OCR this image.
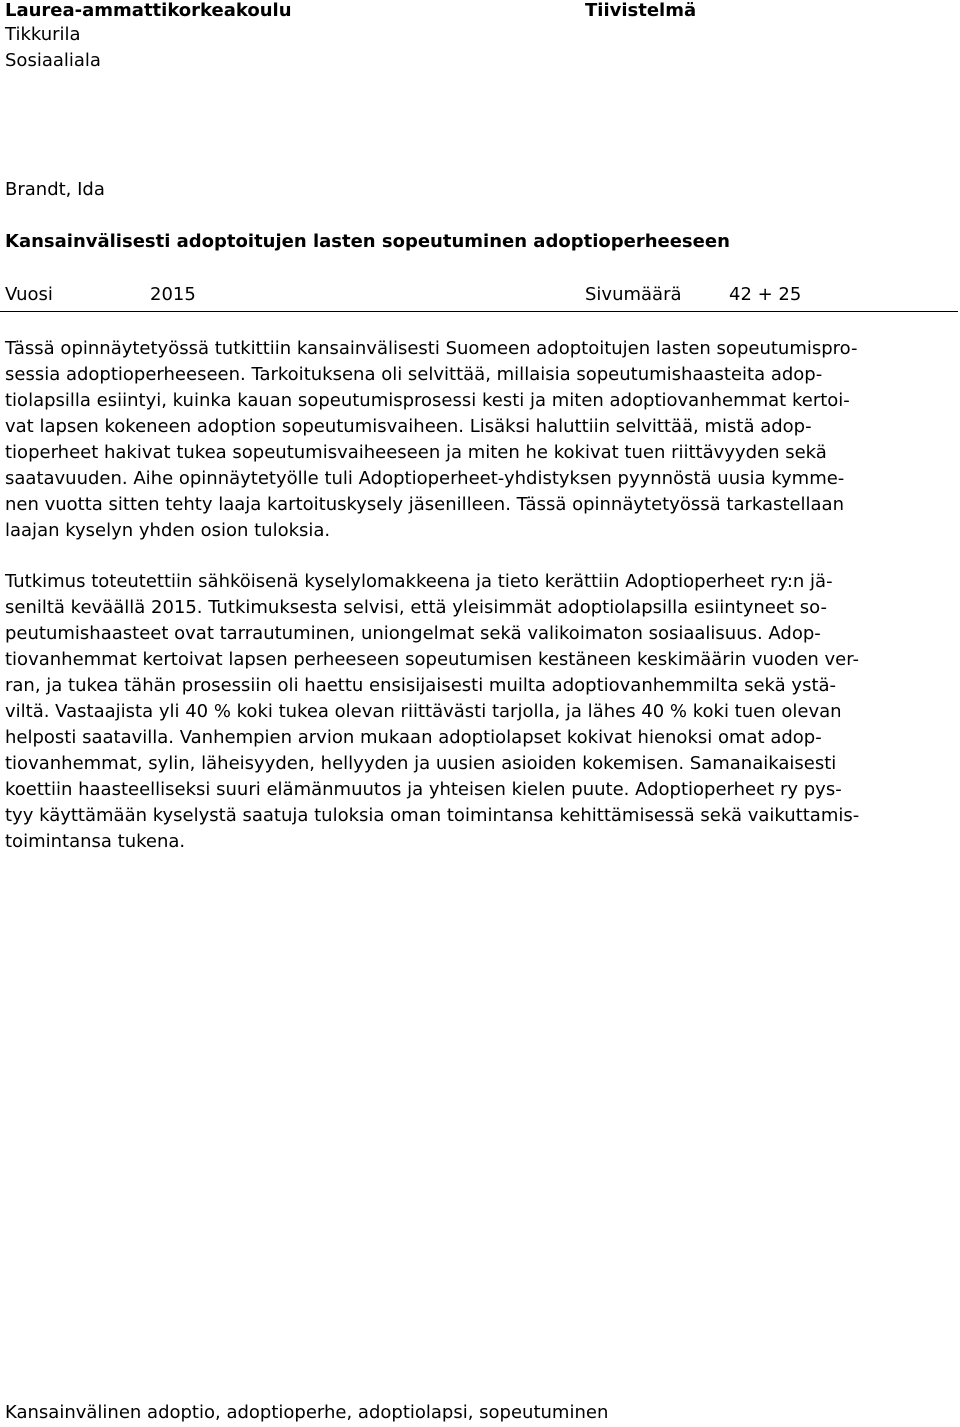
Laurea-ammattikorkeakoulu	Tiivistelmä
Tikkurila
Sosiaaliala
Brandt, Ida
Kansainvälisesti adoptoitujen lasten sopeutuminen adoptioperheeseen
Vuosi	2015	Sivumäärä	42 + 25

Tässä opinnäytetyössä tutkittiin kansainvälisesti Suomeen adoptoitujen lasten sopeutumispro-
sessia adoptioperheeseen. Tarkoituksena oli selvittää, millaisia sopeutumishaasteita adop-
tiolapsilla esiintyi, kuinka kauan sopeutumisprosessi kesti ja miten adoptiovanhemmat kertoi-
vat lapsen kokeneen adoption sopeutumisvaiheen. Lisäksi haluttiin selvittää, mistä adop-
tioperheet hakivat tukea sopeutumisvaiheeseen ja miten he kokivat tuen riittävyyden sekä
saatavuuden. Aihe opinnäytetyölle tuli Adoptioperheet-yhdistyksen pyynnöstä uusia kymme-
nen vuotta sitten tehty laaja kartoituskysely jäsenilleen. Tässä opinnäytetyössä tarkastellaan
laajan kyselyn yhden osion tuloksia.

Tutkimus toteutettiin sähköisenä kyselylomakkeena ja tieto kerättiin Adoptioperheet ry:n jä-
seniltä keväällä 2015. Tutkimuksesta selvisi, että yleisimmät adoptiolapsilla esiintyneet so-
peutumishaasteet ovat tarrautuminen, uniongelmat sekä valikoimaton sosiaalisuus. Adop-
tiovanhemmat kertoivat lapsen perheeseen sopeutumisen kestäneen keskimäärin vuoden ver-
ran, ja tukea tähän prosessiin oli haettu ensisijaisesti muilta adoptiovanhemmilta sekä ystä-
viltä. Vastaajista yli 40 % koki tukea olevan riittävästi tarjolla, ja lähes 40 % koki tuen olevan
helposti saatavilla. Vanhempien arvion mukaan adoptiolapset kokivat hienoksi omat adop-
tiovanhemmat, sylin, läheisyyden, hellyyden ja uusien asioiden kokemisen. Samanaikaisesti
koettiin haasteelliseksi suuri elämänmuutos ja yhteisen kielen puute. Adoptioperheet ry pys-
tyy käyttämään kyselystä saatuja tuloksia oman toimintansa kehittämisessä sekä vaikuttamis-
toimintansa tukena.

Kansainvälinen adoptio, adoptioperhe, adoptiolapsi, sopeutuminen
